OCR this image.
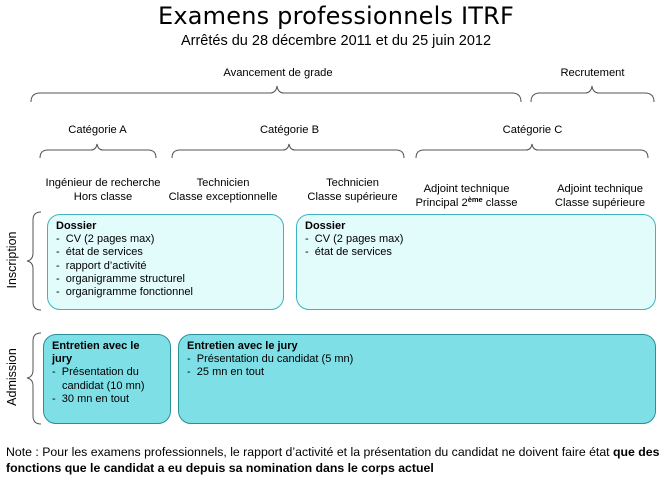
Examens professionnels ITRF
Arrêtés du 28 décembre 2011 et du 25 juin 2012
Avancement de grade	Recrutement
Catégorie A	Catégorie B	Catégorie C
Ingénieur de recherche
Hors classe
Technicien
Classe exceptionnelle
Technicien
Classe supérieure
Adjoint technique
Principal 2ème classe
Adjoint technique
Classe supérieure
Inscription
Admission
Dossier
-  CV (2 pages max)
-  état de services
-  rapport d’activité
-  organigramme structurel
-  organigramme fonctionnel
Dossier
-  CV (2 pages max)
-  état de services
Entretien avec le jury
-  Présentation du candidat (10 mn)
-  30 mn en tout
Entretien avec le jury
-  Présentation du candidat (5 mn)
-  25 mn en tout
Note : Pour les examens professionnels, le rapport d’activité et la présentation du candidat ne doivent faire état que des fonctions que le candidat a eu depuis sa nomination dans le corps actuel
